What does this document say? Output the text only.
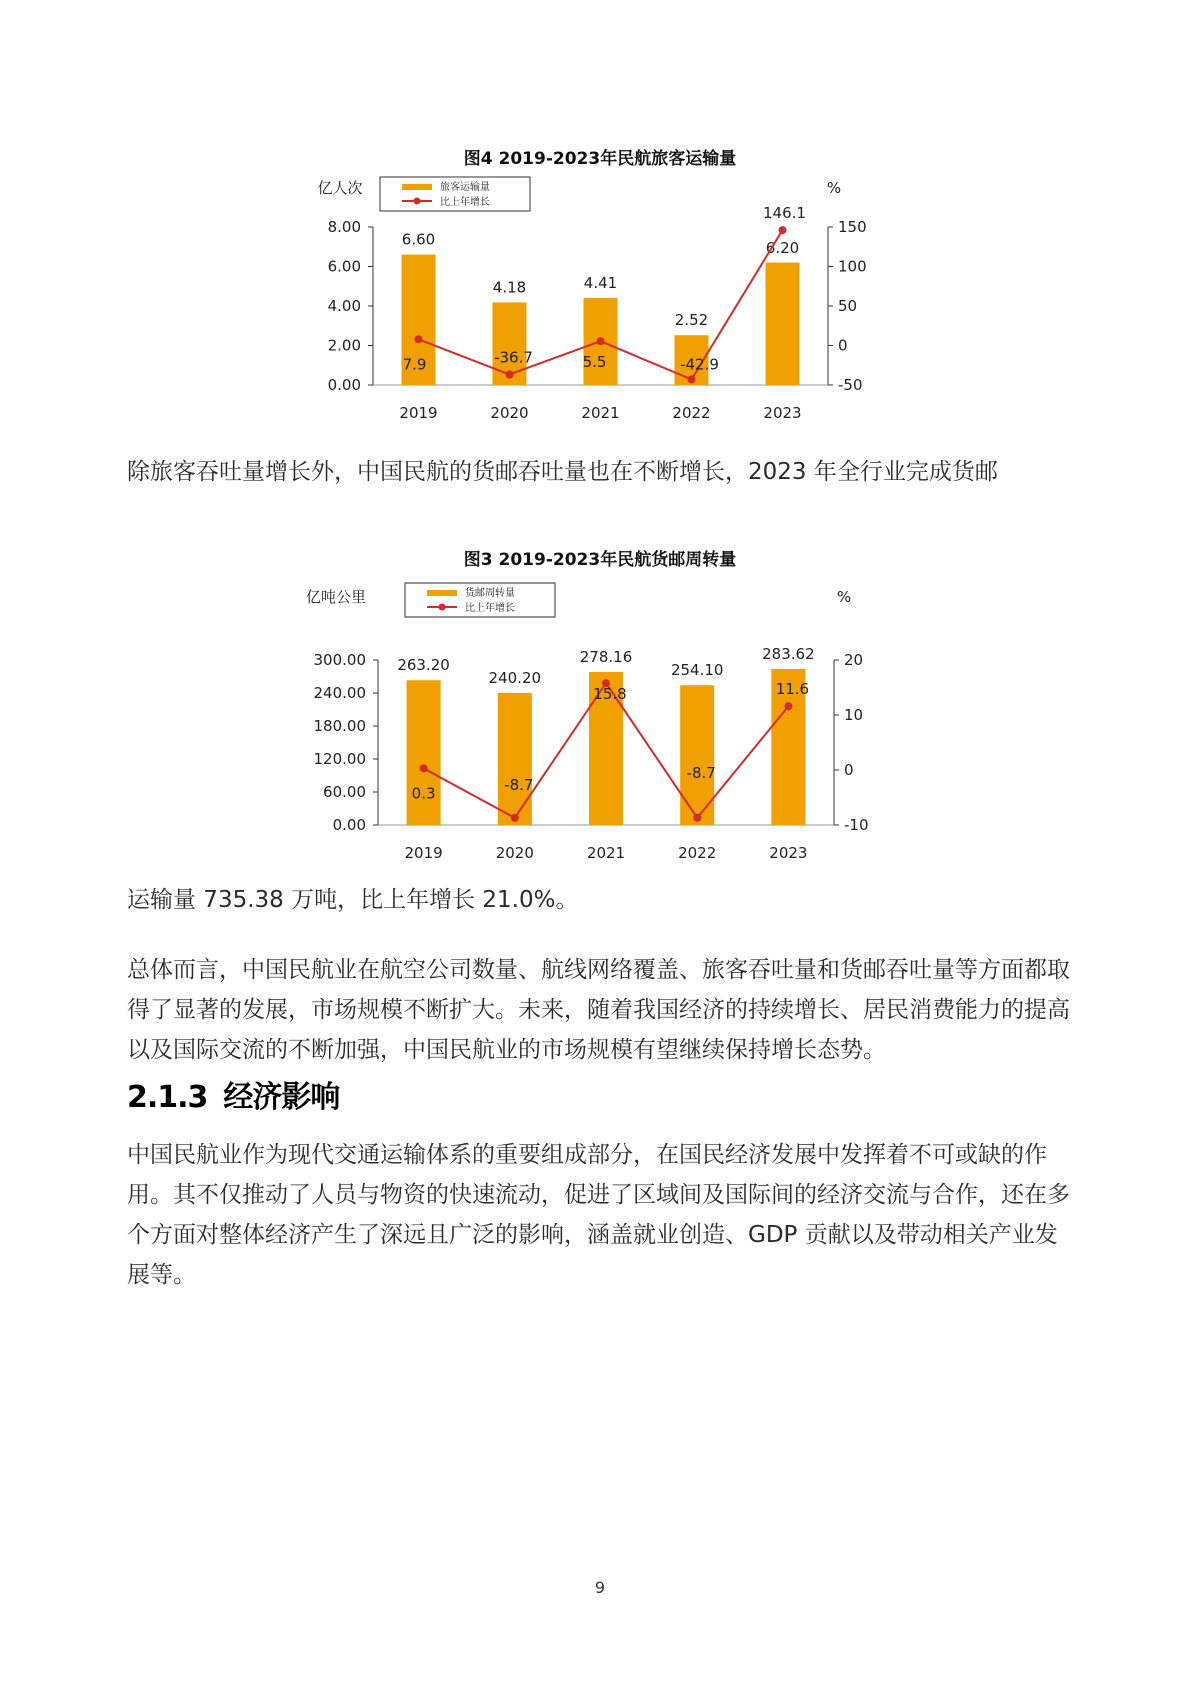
图4 2019-2023年民航旅客运输量
亿人次	%
旅客运输量
比上年增长
8.00
6.00
4.00
2.00
0.00
150
100
50
0
-50
6.60
4.18	4.41
2.52
6.20
7.9	-36.7	5.5	-42.9
146.1
2019	2020	2021	2022	2023

除旅客吞吐量增长外，中国民航的货邮吞吐量也在不断增长，2023 年全行业完成货邮

图3 2019-2023年民航货邮周转量
亿吨公里	%
货邮周转量
比上年增长
300.00
240.00
180.00
120.00
60.00
0.00
20
10
0
-10
263.20
240.20
278.16
254.10
283.62
0.3	-8.7
15.8
-8.7
11.6
2019	2020	2021	2022	2023

运输量 735.38 万吨，比上年增长 21.0%。

总体而言，中国民航业在航空公司数量、航线网络覆盖、旅客吞吐量和货邮吞吐量等方面都取得了显著的发展，市场规模不断扩大。未来，随着我国经济的持续增长、居民消费能力的提高以及国际交流的不断加强，中国民航业的市场规模有望继续保持增长态势。

2.1.3 经济影响

中国民航业作为现代交通运输体系的重要组成部分，在国民经济发展中发挥着不可或缺的作用。其不仅推动了人员与物资的快速流动，促进了区域间及国际间的经济交流与合作，还在多个方面对整体经济产生了深远且广泛的影响，涵盖就业创造、GDP 贡献以及带动相关产业发展等。

9
